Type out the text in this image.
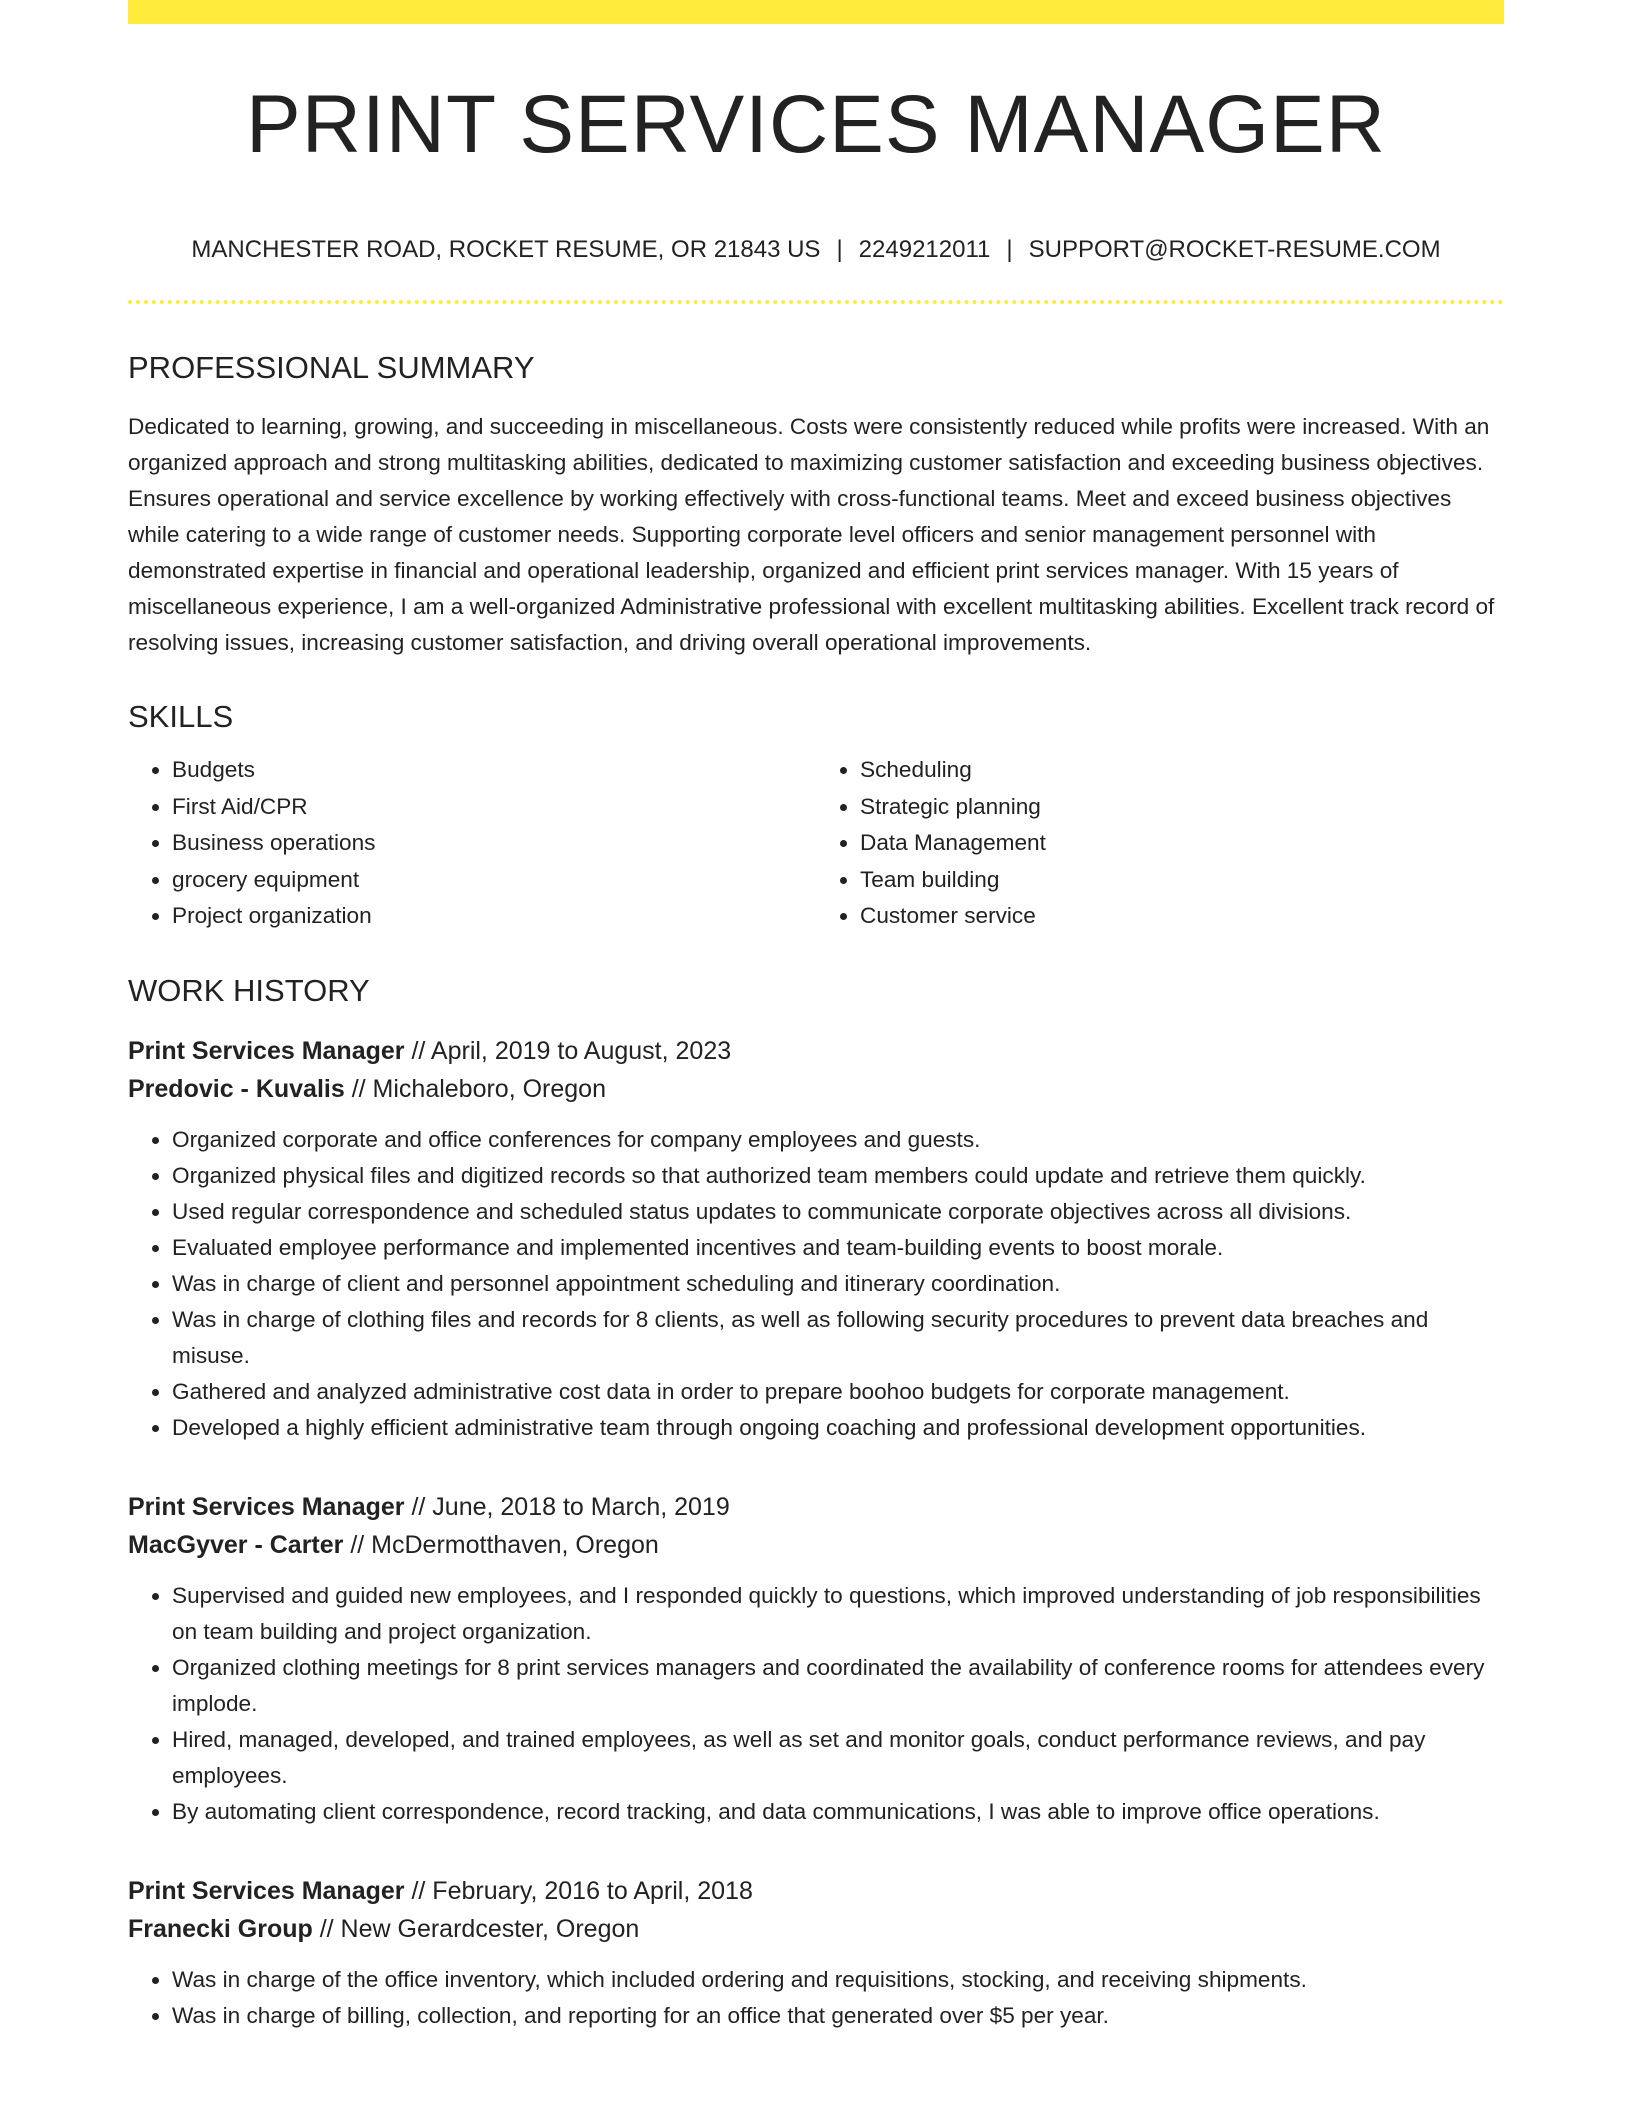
PRINT SERVICES MANAGER
MANCHESTER ROAD, ROCKET RESUME, OR 21843 US | 2249212011 | SUPPORT@ROCKET-RESUME.COM
PROFESSIONAL SUMMARY

Dedicated to learning, growing, and succeeding in miscellaneous. Costs were consistently reduced while profits were increased. With an organized approach and strong multitasking abilities, dedicated to maximizing customer satisfaction and exceeding business objectives. Ensures operational and service excellence by working effectively with cross-functional teams. Meet and exceed business objectives while catering to a wide range of customer needs. Supporting corporate level officers and senior management personnel with demonstrated expertise in financial and operational leadership, organized and efficient print services manager. With 15 years of miscellaneous experience, I am a well-organized Administrative professional with excellent multitasking abilities. Excellent track record of resolving issues, increasing customer satisfaction, and driving overall operational improvements.

SKILLS
• Budgets
• First Aid/CPR
• Business operations
• grocery equipment
• Project organization
• Scheduling
• Strategic planning
• Data Management
• Team building
• Customer service
WORK HISTORY
Print Services Manager // April, 2019 to August, 2023
Predovic - Kuvalis // Michaleboro, Oregon
• Organized corporate and office conferences for company employees and guests.
• Organized physical files and digitized records so that authorized team members could update and retrieve them quickly.
• Used regular correspondence and scheduled status updates to communicate corporate objectives across all divisions.
• Evaluated employee performance and implemented incentives and team-building events to boost morale.
• Was in charge of client and personnel appointment scheduling and itinerary coordination.
• Was in charge of clothing files and records for 8 clients, as well as following security procedures to prevent data breaches and misuse.
• Gathered and analyzed administrative cost data in order to prepare boohoo budgets for corporate management.
• Developed a highly efficient administrative team through ongoing coaching and professional development opportunities.
Print Services Manager // June, 2018 to March, 2019
MacGyver - Carter // McDermotthaven, Oregon
• Supervised and guided new employees, and I responded quickly to questions, which improved understanding of job responsibilities on team building and project organization.
• Organized clothing meetings for 8 print services managers and coordinated the availability of conference rooms for attendees every implode.
• Hired, managed, developed, and trained employees, as well as set and monitor goals, conduct performance reviews, and pay employees.
• By automating client correspondence, record tracking, and data communications, I was able to improve office operations.
Print Services Manager // February, 2016 to April, 2018
Franecki Group // New Gerardcester, Oregon
• Was in charge of the office inventory, which included ordering and requisitions, stocking, and receiving shipments.
• Was in charge of billing, collection, and reporting for an office that generated over $5 per year.
